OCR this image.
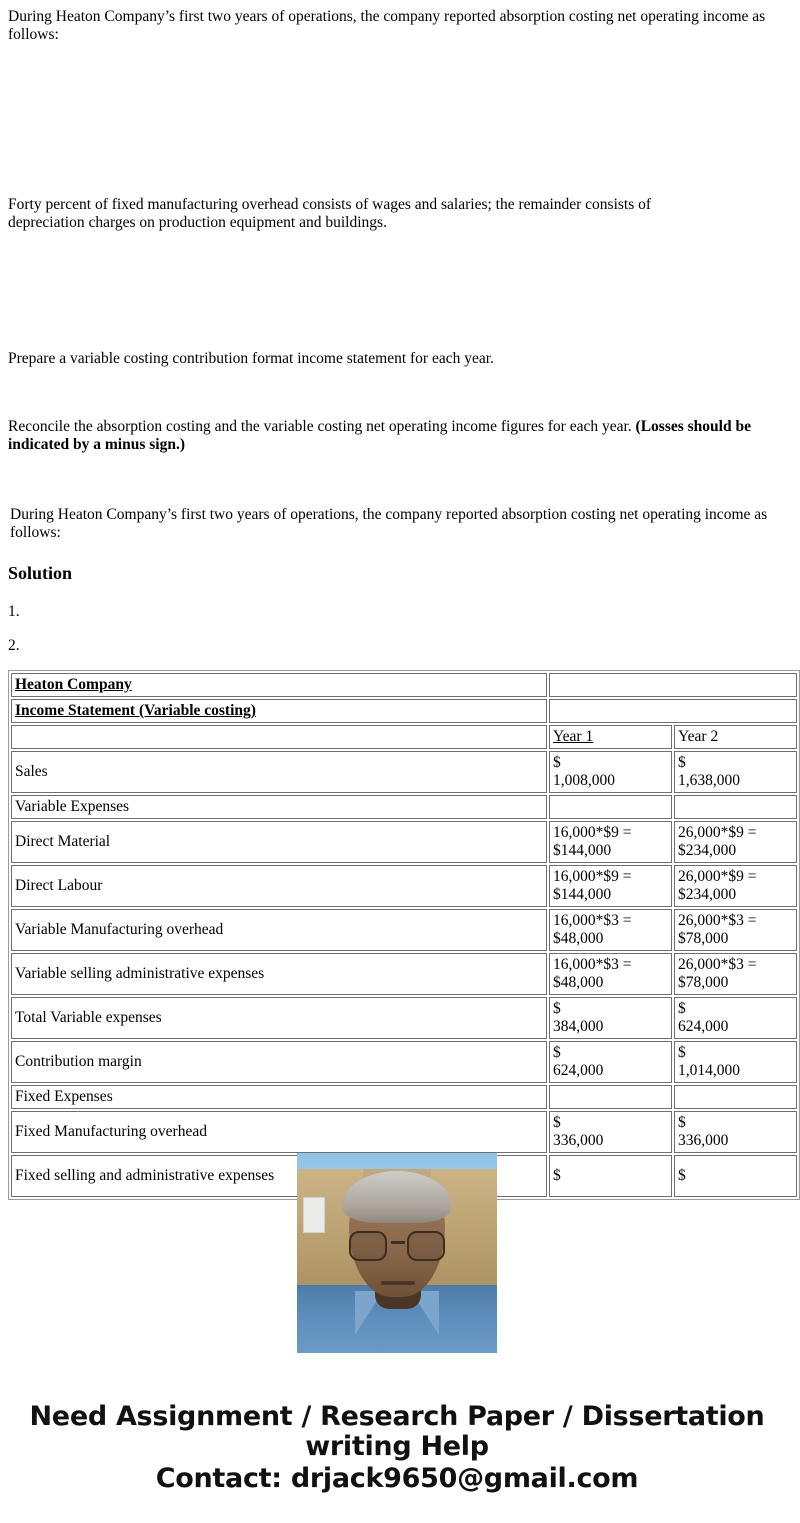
During Heaton Company’s first two years of operations, the company reported absorption costing net operating income as follows:
Forty percent of fixed manufacturing overhead consists of wages and salaries; the remainder consists of depreciation charges on production equipment and buildings.
Prepare a variable costing contribution format income statement for each year.
Reconcile the absorption costing and the variable costing net operating income figures for each year. (Losses should be indicated by a minus sign.)
During Heaton Company’s first two years of operations, the company reported absorption costing net operating income as follows:
Solution
1.
2.
Heaton Company		
Income Statement (Variable costing)		
	Year 1	Year 2
Sales	$
1,008,000	$
1,638,000

Variable Expenses		
Direct Material	16,000*$9 =
$144,000	26,000*$9 =
$234,000

Direct Labour	16,000*$9 =
$144,000	26,000*$9 =
$234,000

Variable Manufacturing overhead	16,000*$3 =
$48,000	26,000*$3 =
$78,000

Variable selling administrative expenses	16,000*$3 =
$48,000	26,000*$3 =
$78,000

Total Variable expenses	$
384,000	$
624,000

Contribution margin	$
624,000	$
1,014,000

Fixed Expenses		
Fixed Manufacturing overhead	$
336,000	$
336,000

Fixed selling and administrative expenses	$	$
Need Assignment / Research Paper / Dissertation
writing Help
Contact: drjack9650@gmail.com
